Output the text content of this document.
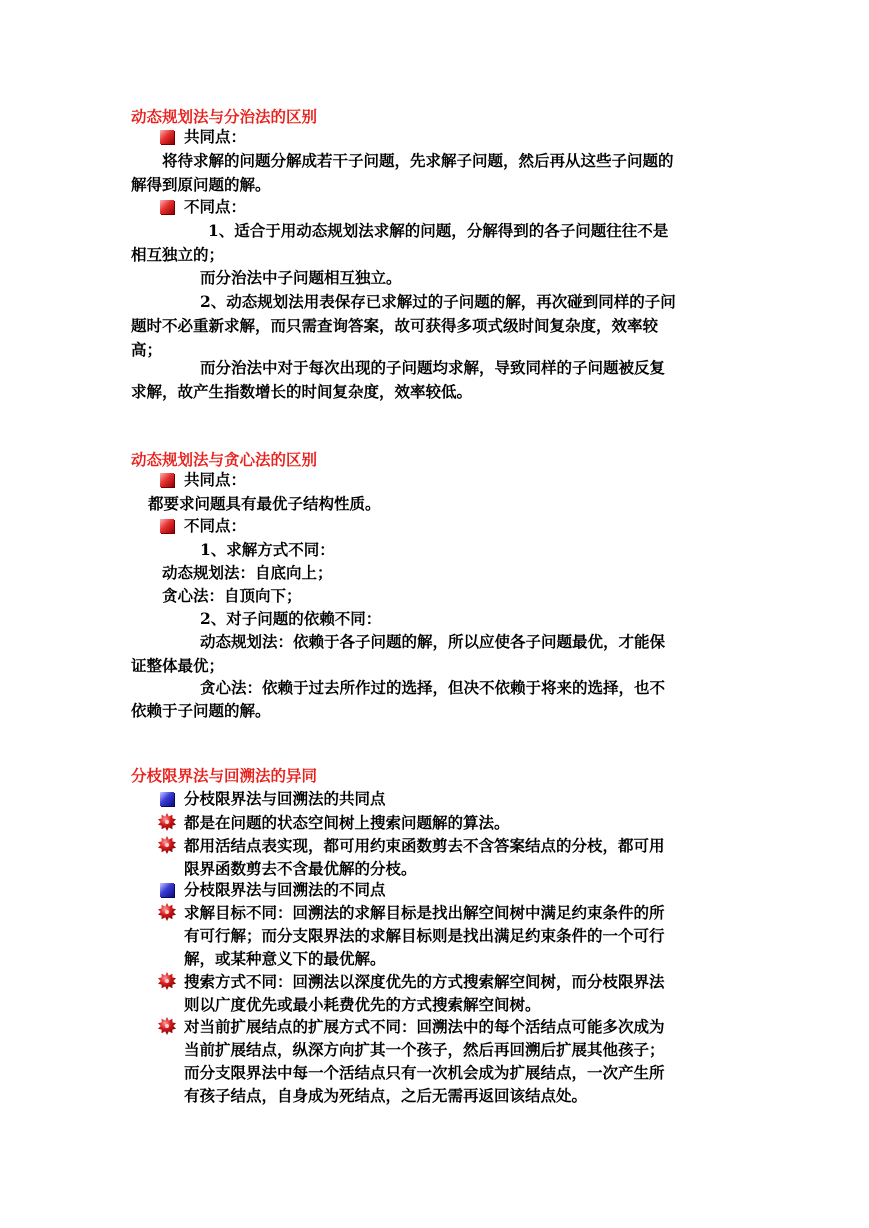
动态规划法与分治法的区别
共同点：
将待求解的问题分解成若干子问题，先求解子问题，然后再从这些子问题的
解得到原问题的解。
不同点：
1、适合于用动态规划法求解的问题，分解得到的各子问题往往不是
相互独立的；
而分治法中子问题相互独立。
2、动态规划法用表保存已求解过的子问题的解，再次碰到同样的子问
题时不必重新求解，而只需查询答案，故可获得多项式级时间复杂度，效率较
高；
而分治法中对于每次出现的子问题均求解，导致同样的子问题被反复
求解，故产生指数增长的时间复杂度，效率较低。
动态规划法与贪心法的区别
共同点：
都要求问题具有最优子结构性质。
不同点：
1、求解方式不同：
动态规划法：自底向上；
贪心法：自顶向下；
2、对子问题的依赖不同：
动态规划法：依赖于各子问题的解，所以应使各子问题最优，才能保
证整体最优；
贪心法：依赖于过去所作过的选择，但决不依赖于将来的选择，也不
依赖于子问题的解。
分枝限界法与回溯法的异同
分枝限界法与回溯法的共同点
都是在问题的状态空间树上搜索问题解的算法。
都用活结点表实现，都可用约束函数剪去不含答案结点的分枝，都可用
限界函数剪去不含最优解的分枝。
分枝限界法与回溯法的不同点
求解目标不同：回溯法的求解目标是找出解空间树中满足约束条件的所
有可行解；而分支限界法的求解目标则是找出满足约束条件的一个可行
解，或某种意义下的最优解。
搜索方式不同：回溯法以深度优先的方式搜索解空间树，而分枝限界法
则以广度优先或最小耗费优先的方式搜索解空间树。
对当前扩展结点的扩展方式不同：回溯法中的每个活结点可能多次成为
当前扩展结点，纵深方向扩其一个孩子，然后再回溯后扩展其他孩子；
而分支限界法中每一个活结点只有一次机会成为扩展结点，一次产生所
有孩子结点，自身成为死结点，之后无需再返回该结点处。
